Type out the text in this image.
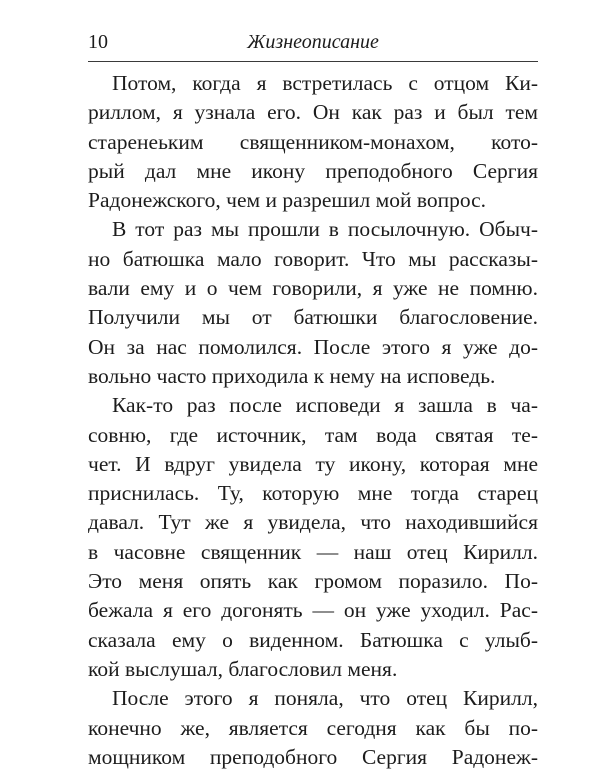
10	Жизнеописание
Потом, когда я встретилась с отцом Ки-
риллом, я узнала его. Он как раз и был тем
старенеьким священником-монахом, кото-
рый дал мне икону преподобного Сергия
Радонежского, чем и разрешил мой вопрос.
В тот раз мы прошли в посылочную. Обыч-
но батюшка мало говорит. Что мы рассказы-
вали ему и о чем говорили, я уже не помню.
Получили мы от батюшки благословение.
Он за нас помолился. После этого я уже до-
вольно часто приходила к нему на исповедь.
Как-то раз после исповеди я зашла в ча-
совню, где источник, там вода святая те-
чет. И вдруг увидела ту икону, которая мне
приснилась. Ту, которую мне тогда старец
давал. Тут же я увидела, что находившийся
в часовне священник — наш отец Кирилл.
Это меня опять как громом поразило. По-
бежала я его догонять — он уже уходил. Рас-
сказала ему о виденном. Батюшка с улыб-
кой выслушал, благословил меня.
После этого я поняла, что отец Кирилл,
конечно же, является сегодня как бы по-
мощником преподобного Сергия Радонеж-
